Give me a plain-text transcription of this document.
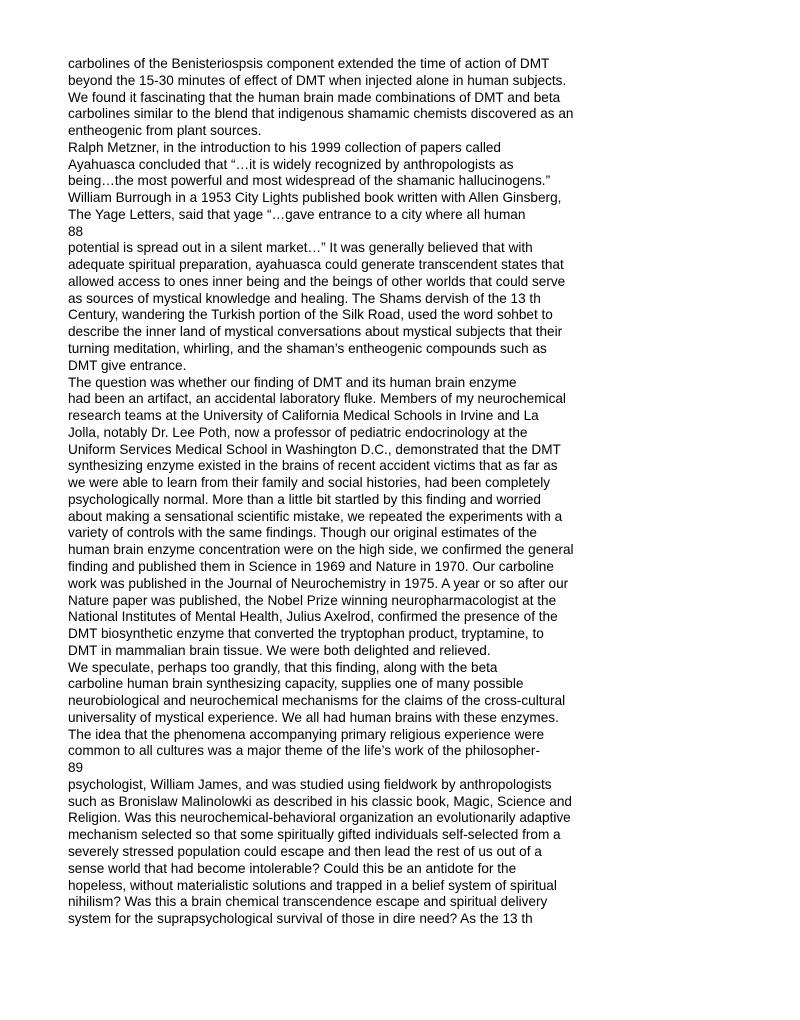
carbolines of the Benisteriospsis component extended the time of action of DMT
beyond the 15-30 minutes of effect of DMT when injected alone in human subjects.
We found it fascinating that the human brain made combinations of DMT and beta
carbolines similar to the blend that indigenous shamamic chemists discovered as an
entheogenic from plant sources.
Ralph Metzner, in the introduction to his 1999 collection of papers called
Ayahuasca concluded that “…it is widely recognized by anthropologists as
being…the most powerful and most widespread of the shamanic hallucinogens.”
William Burrough in a 1953 City Lights published book written with Allen Ginsberg,
The Yage Letters, said that yage “…gave entrance to a city where all human
88
potential is spread out in a silent market…” It was generally believed that with
adequate spiritual preparation, ayahuasca could generate transcendent states that
allowed access to ones inner being and the beings of other worlds that could serve
as sources of mystical knowledge and healing. The Shams dervish of the 13 th
Century, wandering the Turkish portion of the Silk Road, used the word sohbet to
describe the inner land of mystical conversations about mystical subjects that their
turning meditation, whirling, and the shaman’s entheogenic compounds such as
DMT give entrance.
The question was whether our finding of DMT and its human brain enzyme
had been an artifact, an accidental laboratory fluke. Members of my neurochemical
research teams at the University of California Medical Schools in Irvine and La
Jolla, notably Dr. Lee Poth, now a professor of pediatric endocrinology at the
Uniform Services Medical School in Washington D.C., demonstrated that the DMT
synthesizing enzyme existed in the brains of recent accident victims that as far as
we were able to learn from their family and social histories, had been completely
psychologically normal. More than a little bit startled by this finding and worried
about making a sensational scientific mistake, we repeated the experiments with a
variety of controls with the same findings. Though our original estimates of the
human brain enzyme concentration were on the high side, we confirmed the general
finding and published them in Science in 1969 and Nature in 1970. Our carboline
work was published in the Journal of Neurochemistry in 1975. A year or so after our
Nature paper was published, the Nobel Prize winning neuropharmacologist at the
National Institutes of Mental Health, Julius Axelrod, confirmed the presence of the
DMT biosynthetic enzyme that converted the tryptophan product, tryptamine, to
DMT in mammalian brain tissue. We were both delighted and relieved.
We speculate, perhaps too grandly, that this finding, along with the beta
carboline human brain synthesizing capacity, supplies one of many possible
neurobiological and neurochemical mechanisms for the claims of the cross-cultural
universality of mystical experience. We all had human brains with these enzymes.
The idea that the phenomena accompanying primary religious experience were
common to all cultures was a major theme of the life’s work of the philosopher-
89
psychologist, William James, and was studied using fieldwork by anthropologists
such as Bronislaw Malinolowki as described in his classic book, Magic, Science and
Religion. Was this neurochemical-behavioral organization an evolutionarily adaptive
mechanism selected so that some spiritually gifted individuals self-selected from a
severely stressed population could escape and then lead the rest of us out of a
sense world that had become intolerable? Could this be an antidote for the
hopeless, without materialistic solutions and trapped in a belief system of spiritual
nihilism? Was this a brain chemical transcendence escape and spiritual delivery
system for the suprapsychological survival of those in dire need? As the 13 th
